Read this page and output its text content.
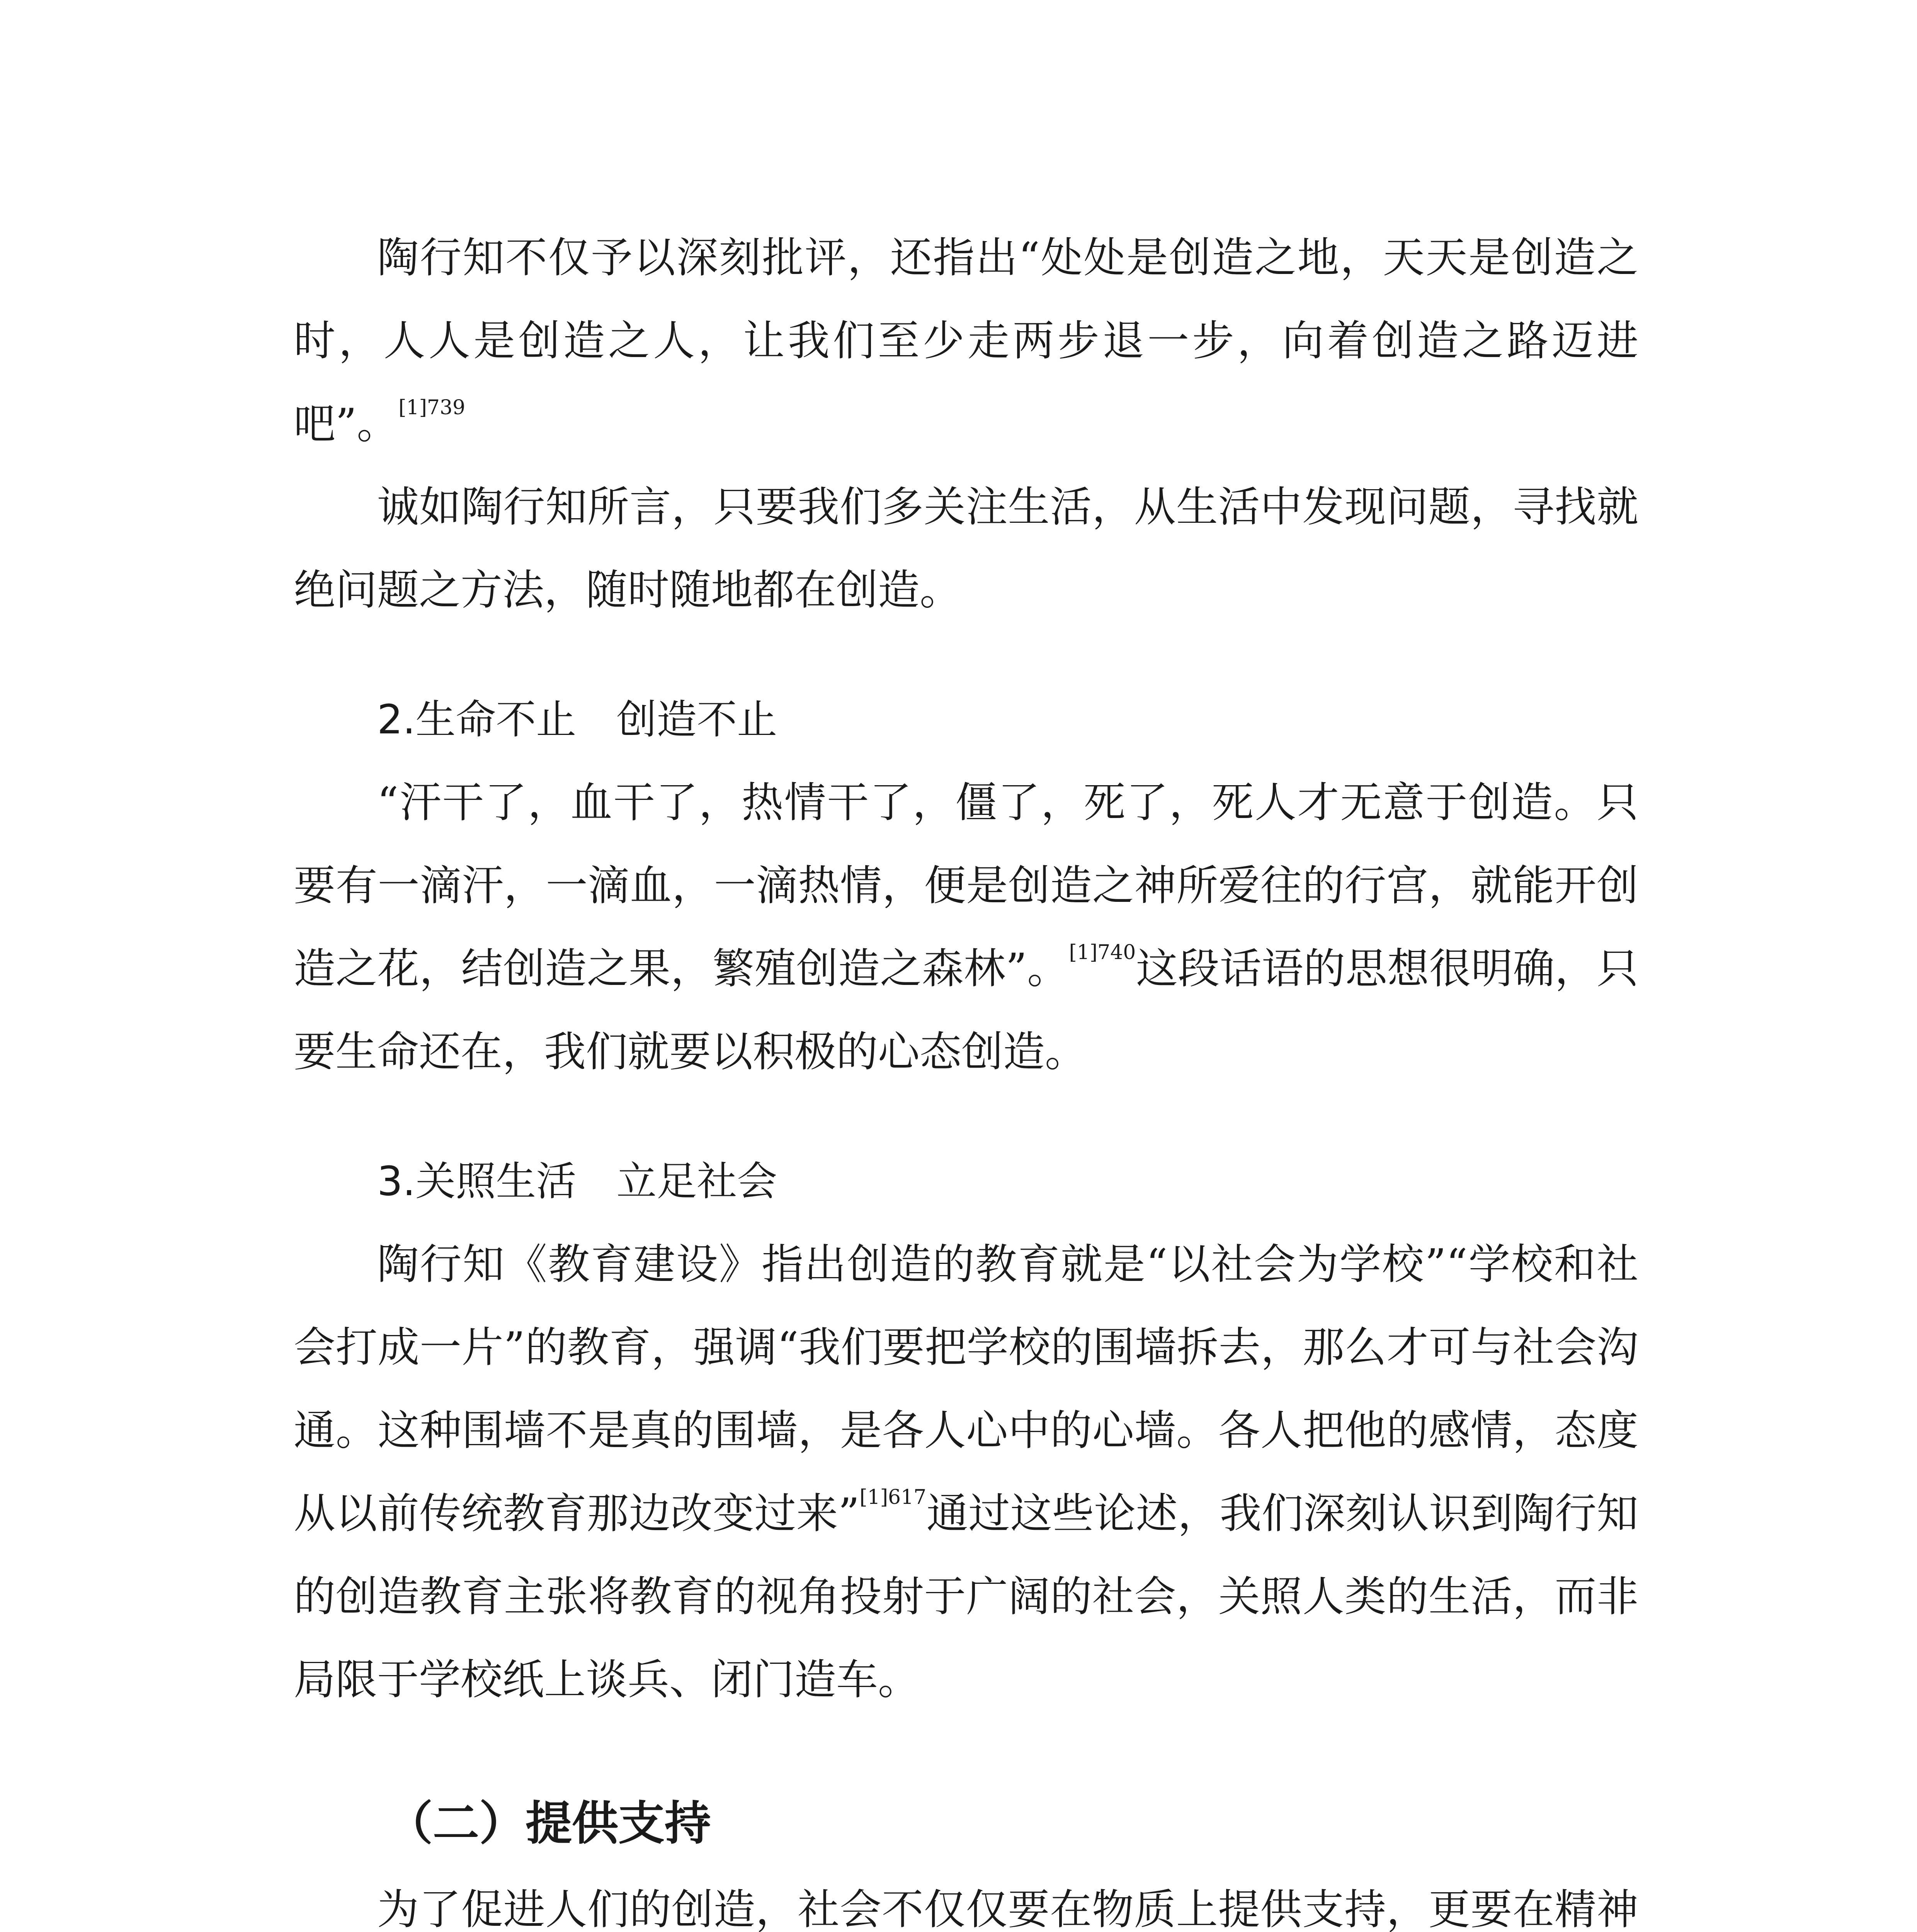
陶行知不仅予以深刻批评，还指出“处处是创造之地，天天是创造之时，人人是创造之人，让我们至少走两步退一步，向着创造之路迈进吧”。$^{[1]739}$

诚如陶行知所言，只要我们多关注生活，从生活中发现问题，寻找就绝问题之方法，随时随地都在创造。

2.生命不止　创造不止

“汗干了，血干了，热情干了，僵了，死了，死人才无意于创造。只要有一滴汗，一滴血，一滴热情，便是创造之神所爱往的行宫，就能开创造之花，结创造之果，繁殖创造之森林”。$^{[1]740}$这段话语的思想很明确，只要生命还在，我们就要以积极的心态创造。

3.关照生活　立足社会

陶行知《教育建设》指出创造的教育就是“以社会为学校”“学校和社会打成一片”的教育，强调“我们要把学校的围墙拆去，那么才可与社会沟通。这种围墙不是真的围墙，是各人心中的心墙。各人把他的感情，态度从以前传统教育那边改变过来”$^{[1]617}$通过这些论述，我们深刻认识到陶行知的创造教育主张将教育的视角投射于广阔的社会，关照人类的生活，而非局限于学校纸上谈兵、闭门造车。

（二）提供支持

为了促进人们的创造，社会不仅仅要在物质上提供支持，更要在精神
